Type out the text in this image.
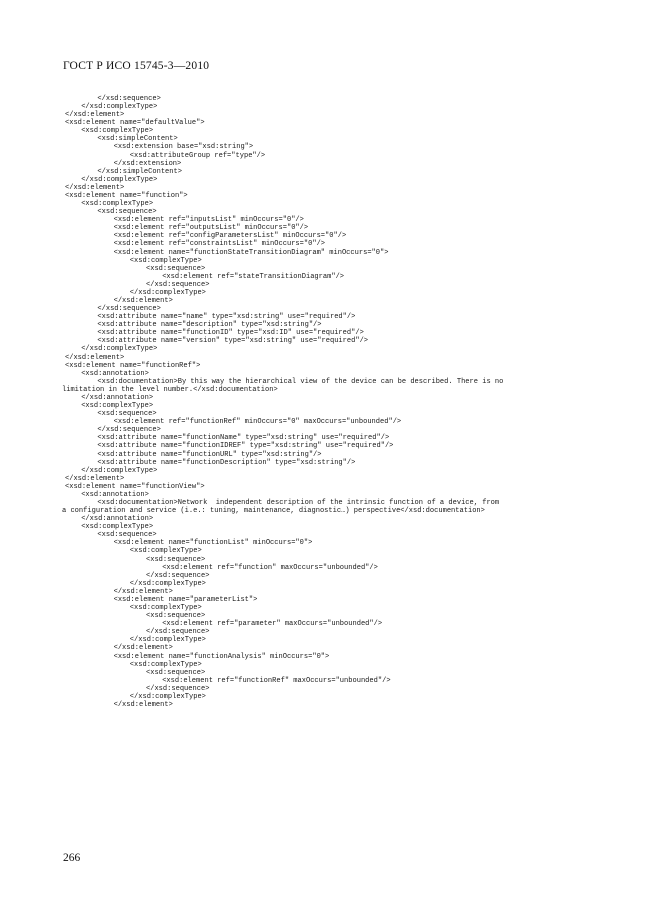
ГОСТ Р ИСО 15745-3—2010
</xsd:sequence>
</xsd:complexType>
</xsd:element>
<xsd:element name="defaultValue">
<xsd:complexType>
<xsd:simpleContent>
<xsd:extension base="xsd:string">
<xsd:attributeGroup ref="type"/>
</xsd:extension>
</xsd:simpleContent>
</xsd:complexType>
</xsd:element>
<xsd:element name="function">
<xsd:complexType>
<xsd:sequence>
<xsd:element ref="inputsList" minOccurs="0"/>
<xsd:element ref="outputsList" minOccurs="0"/>
<xsd:element ref="configParametersList" minOccurs="0"/>
<xsd:element ref="constraintsList" minOccurs="0"/>
<xsd:element name="functionStateTransitionDiagram" minOccurs="0">
<xsd:complexType>
<xsd:sequence>
<xsd:element ref="stateTransitionDiagram"/>
</xsd:sequence>
</xsd:complexType>
</xsd:element>
</xsd:sequence>
<xsd:attribute name="name" type="xsd:string" use="required"/>
<xsd:attribute name="description" type="xsd:string"/>
<xsd:attribute name="functionID" type="xsd:ID" use="required"/>
<xsd:attribute name="version" type="xsd:string" use="required"/>
</xsd:complexType>
</xsd:element>
<xsd:element name="functionRef">
<xsd:annotation>
<xsd:documentation>By this way the hierarchical view of the device can be described. There is no
limitation in the level number.</xsd:documentation>
</xsd:annotation>
<xsd:complexType>
<xsd:sequence>
<xsd:element ref="functionRef" minOccurs="0" maxOccurs="unbounded"/>
</xsd:sequence>
<xsd:attribute name="functionName" type="xsd:string" use="required"/>
<xsd:attribute name="functionIDREF" type="xsd:string" use="required"/>
<xsd:attribute name="functionURL" type="xsd:string"/>
<xsd:attribute name="functionDescription" type="xsd:string"/>
</xsd:complexType>
</xsd:element>
<xsd:element name="functionView">
<xsd:annotation>
<xsd:documentation>Network  independent description of the intrinsic function of a device, from
a configuration and service (i.e.: tuning, maintenance, diagnostic…) perspective</xsd:documentation>
</xsd:annotation>
<xsd:complexType>
<xsd:sequence>
<xsd:element name="functionList" minOccurs="0">
<xsd:complexType>
<xsd:sequence>
<xsd:element ref="function" maxOccurs="unbounded"/>
</xsd:sequence>
</xsd:complexType>
</xsd:element>
<xsd:element name="parameterList">
<xsd:complexType>
<xsd:sequence>
<xsd:element ref="parameter" maxOccurs="unbounded"/>
</xsd:sequence>
</xsd:complexType>
</xsd:element>
<xsd:element name="functionAnalysis" minOccurs="0">
<xsd:complexType>
<xsd:sequence>
<xsd:element ref="functionRef" maxOccurs="unbounded"/>
</xsd:sequence>
</xsd:complexType>
</xsd:element>
266
